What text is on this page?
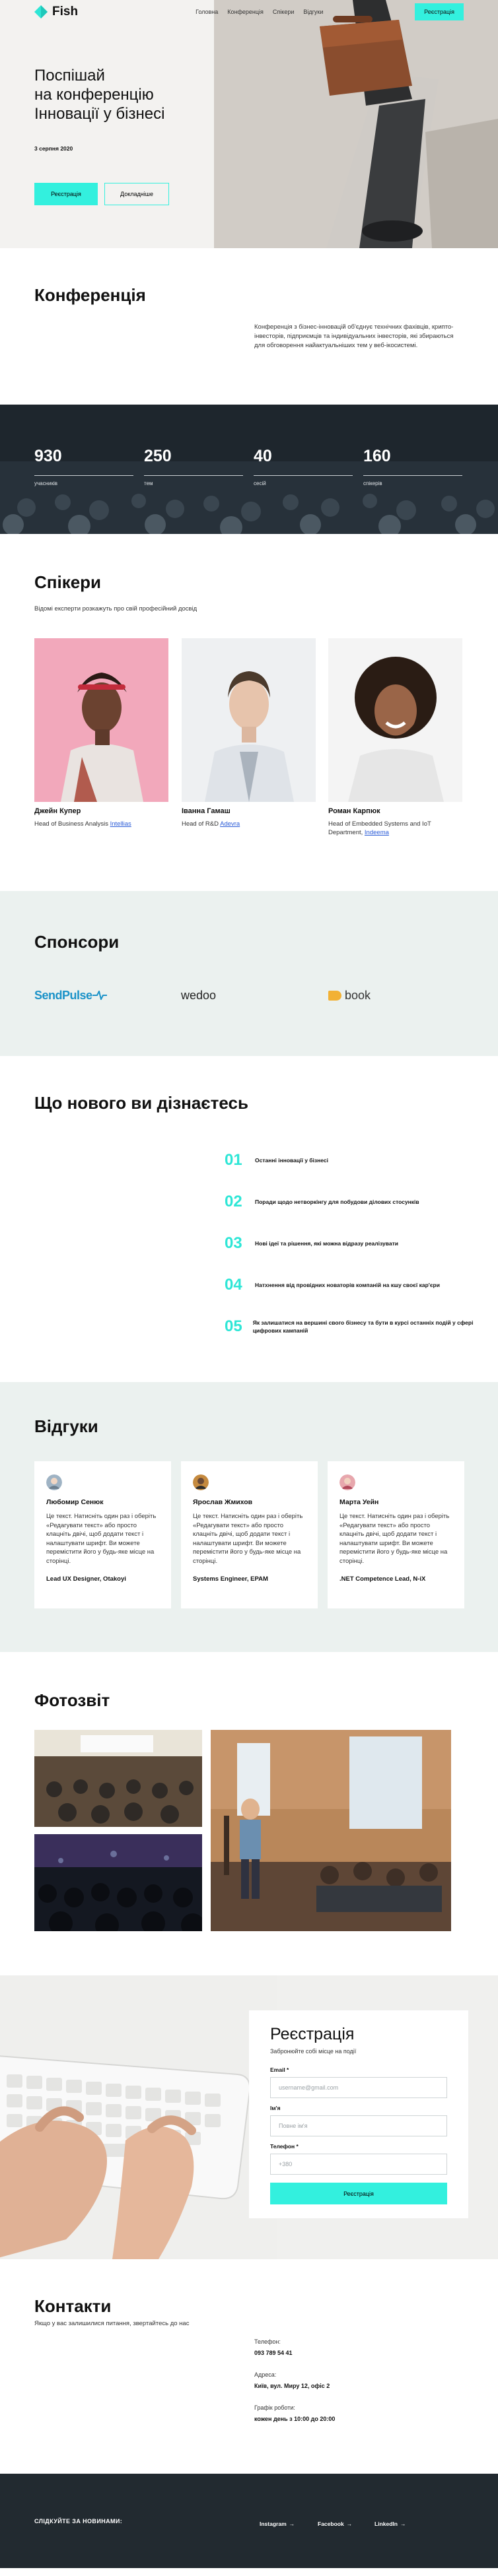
Fish	Головна Конференція Спікери Відгуки	Реєстрація
Поспішай
на конференцію
Інновації у бізнесі
3 серпня 2020
Реєстрація	Докладніше
Конференція

Конференція з бізнес-інновацій об'єднує технічних фахівців, крипто-інвесторів, підприємців та індивідуальних інвесторів, які збираються для обговорення найактуальніших тем у веб-ікосистемі.

930
учасників
250
тем
40
сесій
160
спікерів
Спікери
Відомі експерти розкажуть про свій професійний досвід
Джейн Купер
Head of Business Analysis Intellias
Іванна Гамаш
Head of R&D Adevra
Роман Карпюк
Head of Embedded Systems and IoT Department, Indeema
Спонсори
SendPulse	wedoo	book
Що нового ви дізнаєтесь
01	Останні інновації у бізнесі
02	Поради щодо нетворкінгу для побудови ділових стосунків
03	Нові ідеї та рішення, які можна відразу реалізувати
04	Натхнення від провідних новаторів компаній на кшу своєї кар'єри
05 Як залишатися на вершині свого бізнесу та бути в курсі останніх подій у сфері цифрових кампаній
Відгуки
Любомир Сенюк
Це текст. Натисніть один раз і оберіть «Редагувати текст» або просто клацніть двічі, щоб додати текст і налаштувати шрифт. Ви можете перемістити його у будь-яке місце на сторінці.
Lead UX Designer, Otakoyi
Ярослав Жмихов
Це текст. Натисніть один раз і оберіть «Редагувати текст» або просто клацніть двічі, щоб додати текст і налаштувати шрифт. Ви можете перемістити його у будь-яке місце на сторінці.
Systems Engineer, EPAM
Марта Уейн
Це текст. Натисніть один раз і оберіть «Редагувати текст» або просто клацніть двічі, щоб додати текст і налаштувати шрифт. Ви можете перемістити його у будь-яке місце на сторінці.
.NET Competence Lead, N-iX
Фотозвіт
Реєстрація
Забронюйте собі місце на події
Email *
username@gmail.com
Ім'я
Повне ім'я
Телефон *
+380 Реєстрація
Контакти
Якщо у вас залишилися питання, звертайтесь до нас
Телефон:
093 789 54 41
Адреса:
Київ, вул. Миру 12, офіс 2
Графік роботи:
кожен день з 10:00 до 20:00
СЛІДКУЙТЕ ЗА НОВИНАМИ:	Instagram →	Facebook →	LinkedIn →
